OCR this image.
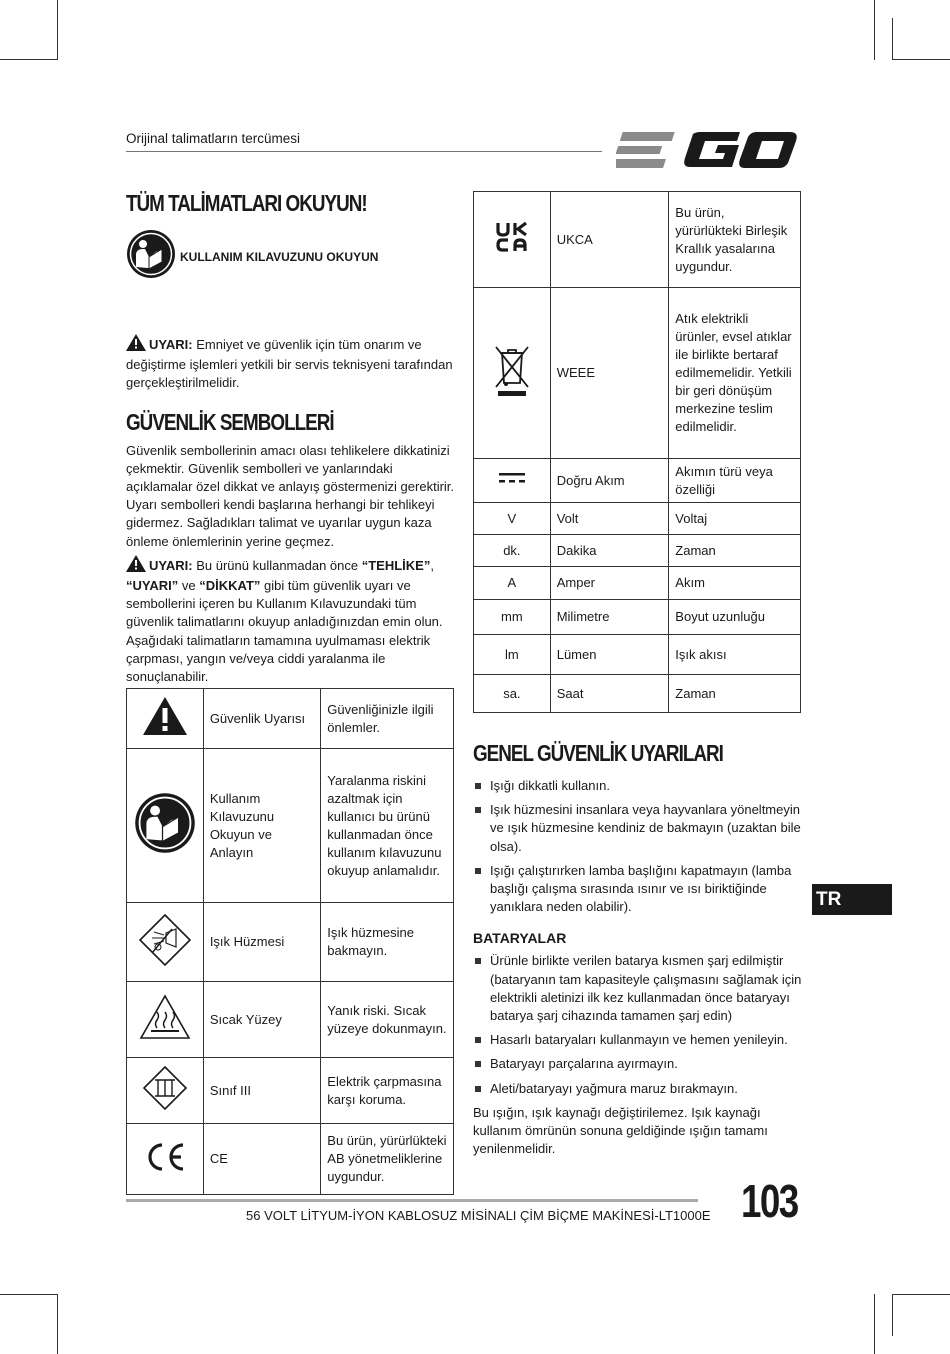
Orijinal talimatların tercümesi
TÜM TALİMATLARI OKUYUN!
KULLANIM KILAVUZUNU OKUYUN

UYARI: Emniyet ve güvenlik için tüm onarım ve değiştirme işlemleri yetkili bir servis teknisyeni tarafından gerçekleştirilmelidir.

GÜVENLİK SEMBOLLERİ

Güvenlik sembollerinin amacı olası tehlikelere dikkatinizi çekmektir. Güvenlik sembolleri ve yanlarındaki açıklamalar özel dikkat ve anlayış göstermenizi gerektirir. Uyarı sembolleri kendi başlarına herhangi bir tehlikeyi gidermez. Sağladıkları talimat ve uyarılar uygun kaza önleme önlemlerinin yerine geçmez.

UYARI: Bu ürünü kullanmadan önce “TEHLİKE”, “UYARI” ve “DİKKAT” gibi tüm güvenlik uyarı ve sembollerini içeren bu Kullanım Kılavuzundaki tüm güvenlik talimatlarını okuyup anladığınızdan emin olun. Aşağıdaki talimatların tamamına uyulmaması elektrik çarpması, yangın ve/veya ciddi yaralanma ile sonuçlanabilir.

	Güvenlik Uyarısı	Güvenliğinizle ilgili önlemler.
	Kullanım Kılavuzunu Okuyun ve Anlayın	Yaralanma riskini azaltmak için kullanıcı bu ürünü kullanmadan önce kullanım kılavuzunu okuyup anlamalıdır.
	Işık Hüzmesi	Işık hüzmesine bakmayın.
	Sıcak Yüzey	Yanık riski. Sıcak yüzeye dokunmayın.
	Sınıf III	Elektrik çarpmasına karşı koruma.
	CE	Bu ürün, yürürlükteki AB yönetmeliklerine uygundur.
	UKCA	Bu ürün, yürürlükteki Birleşik Krallık yasalarına uygundur.
	WEEE	Atık elektrikli ürünler, evsel atıklar ile birlikte bertaraf edilmemelidir. Yetkili bir geri dönüşüm merkezine teslim edilmelidir.
	Doğru Akım	Akımın türü veya özelliği
V	Volt	Voltaj
dk.	Dakika	Zaman
A	Amper	Akım
mm	Milimetre	Boyut uzunluğu
lm	Lümen	Işık akısı
sa.	Saat	Zaman
GENEL GÜVENLİK UYARILARI
Işığı dikkatli kullanın.
Işık hüzmesini insanlara veya hayvanlara yöneltmeyin ve ışık hüzmesine kendiniz de bakmayın (uzaktan bile olsa).
Işığı çalıştırırken lamba başlığını kapatmayın (lamba başlığı çalışma sırasında ısınır ve ısı biriktiğinde yanıklara neden olabilir).

BATARYALAR

Ürünle birlikte verilen batarya kısmen şarj edilmiştir (bataryanın tam kapasiteyle çalışmasını sağlamak için elektrikli aletinizi ilk kez kullanmadan önce bataryayı batarya şarj cihazında tamamen şarj edin)
Hasarlı bataryaları kullanmayın ve hemen yenileyin.
Bataryayı parçalarına ayırmayın.
Aleti/bataryayı yağmura maruz bırakmayın.

Bu ışığın, ışık kaynağı değiştirilemez. Işık kaynağı kullanım ömrünün sonuna geldiğinde ışığın tamamı yenilenmelidir.

TR
56 VOLT LİTYUM-İYON KABLOSUZ MİSİNALI ÇİM BİÇME MAKİNESİ-LT1000E 103
